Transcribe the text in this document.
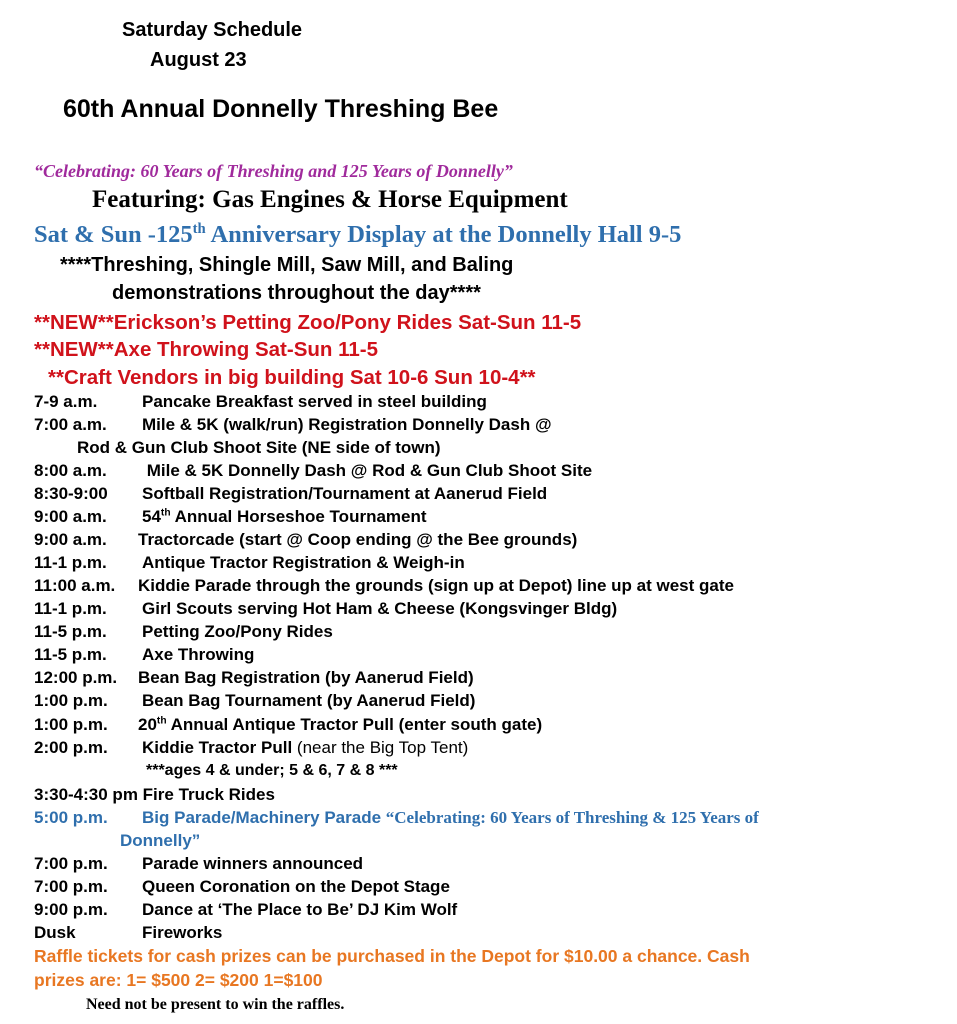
Saturday Schedule
August 23
60th Annual Donnelly Threshing Bee
“Celebrating: 60 Years of Threshing and 125 Years of Donnelly”
Featuring: Gas Engines & Horse Equipment
Sat & Sun -125th Anniversary Display at the Donnelly Hall 9-5
****Threshing, Shingle Mill, Saw Mill, and Baling
demonstrations throughout the day****
**NEW**Erickson’s Petting Zoo/Pony Rides Sat-Sun 11-5
**NEW**Axe Throwing Sat-Sun 11-5
**Craft Vendors in big building Sat 10-6 Sun 10-4**
7-9 a.m.	Pancake Breakfast served in steel building
7:00 a.m. Mile & 5K (walk/run) Registration Donnelly Dash @
Rod & Gun Club Shoot Site (NE side of town)
8:00 a.m. Mile & 5K Donnelly Dash @ Rod & Gun Club Shoot Site
8:30-9:00 Softball Registration/Tournament at Aanerud Field
9:00 a.m. 54th Annual Horseshoe Tournament
9:00 a.m. Tractorcade (start @ Coop ending @ the Bee grounds)
11-1 p.m. Antique Tractor Registration & Weigh-in
11:00 a.m. Kiddie Parade through the grounds (sign up at Depot) line up at west gate
11-1 p.m. Girl Scouts serving Hot Ham & Cheese (Kongsvinger Bldg)
11-5 p.m. Petting Zoo/Pony Rides
11-5 p.m. Axe Throwing
12:00 p.m. Bean Bag Registration (by Aanerud Field)
1:00 p.m. Bean Bag Tournament (by Aanerud Field)
1:00 p.m. 20th Annual Antique Tractor Pull (enter south gate)
2:00 p.m. Kiddie Tractor Pull (near the Big Top Tent)
***ages 4 & under; 5 & 6, 7 & 8 ***
3:30-4:30 pm Fire Truck Rides
5:00 p.m. Big Parade/Machinery Parade “Celebrating: 60 Years of Threshing & 125 Years of
Donnelly”
7:00 p.m. Parade winners announced
7:00 p.m. Queen Coronation on the Depot Stage
9:00 p.m. Dance at ‘The Place to Be’ DJ Kim Wolf
Dusk	Fireworks
Raffle tickets for cash prizes can be purchased in the Depot for $10.00 a chance. Cash
prizes are: 1= $500 2= $200 1=$100
Need not be present to win the raffles.
